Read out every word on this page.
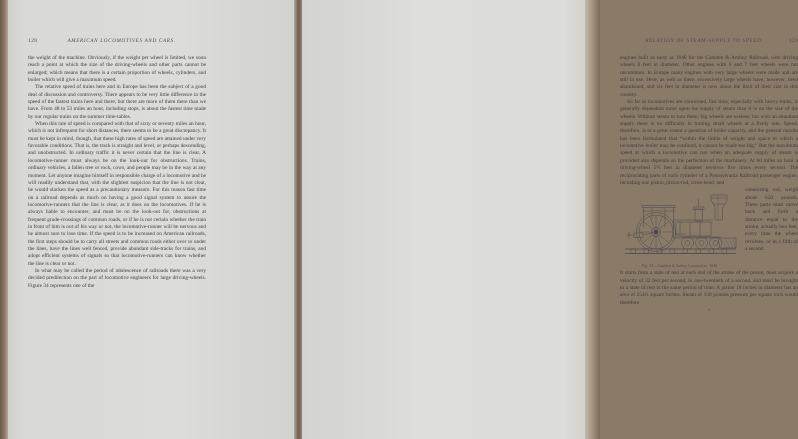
128	AMERICAN LOCOMOTIVES AND CARS.

the weight of the machine. Obviously, if the weight per wheel is limited, we soon reach a point at which the size of the driving-wheels and other parts cannot be enlarged; which means that there is a certain proportion of wheels, cylinders, and boiler which will give a maximum speed.

The relative speed of trains here and in Europe has been the subject of a good deal of discussion and controversy. There appears to be very little difference in the speed of the fastest trains here and there; but there are more of them there than we have. From 48 to 53 miles an hour, including stops, is about the fastest time made by our regular trains on the summer time-tables.

When this rate of speed is compared with that of sixty or seventy miles an hour, which is not infrequent for short distances, there seems to be a great discrepancy. It must be kept in mind, though, that these high rates of speed are attained under very favorable conditions. That is, the track is straight and level, or perhaps descending, and unobstructed. In ordinary traffic it is never certain that the line is clear. A locomotive-runner must always be on the look-out for obstructions. Trains, ordinary vehicles, a fallen tree or rock, cows, and people may be in the way at any moment. Let anyone imagine himself in responsible charge of a locomotive and he will readily understand that, with the slightest suspicion that the line is not clear, he would slacken the speed as a precautionary measure. For this reason fast time on a railroad depends as much on having a good signal system to assure the locomotive-runners that the line is clear, as it does on the locomotives. If he is always liable to encounter, and must be on the look-out for, obstructions at frequent grade-crossings of common roads, or if he is not certain whether the train in front of him is out of his way or not, the locomotive-runner will be nervous and he almost sure to lose time. If the speed is to be increased on American railroads, the first steps should be to carry all streets and common roads either over or under the lines, have the lines well fenced, provide abundant side-tracks for trains, and adopt efficient systems of signals so that locomotive-runners can know whether the line is clear or not.

In what may be called the period of adolescence of railroads there was a very decided predilection on the part of locomotive engineers for large driving-wheels. Figure 34 represents one of the

129
RELATION OF STEAM-SUPPLY TO SPEED.

engines built as early as 1848 for the Camden & Amboy Railroad, with driving wheels 8 feet in diameter. Other engines with 6 and 7 feet wheels were not uncommon. In Europe many engines with very large wheels were made and are still in use. Here, as well as there, excessively large wheels have, however, been abandoned, and six feet in diameter is now about the limit of their size in this country.

So far as locomotives are concerned, fast time, especially with heavy trains, is generally dependent more upon the supply of steam than it is on the size of the wheels. Without steam to turn them, big wheels are useless; but with an abundant supply there is no difficulty in turning small wheels at a lively rate. Speed, therefore, is to a great extent a question of boiler capacity, and the general maxim has been formulated that “within the limits of weight and space to which a locomotive boiler may be confined, it cannot be made too big.” But the maximum speed at which a locomotive can run when an adequate supply of steam is provided also depends on the perfection of the machinery. At 60 miles an hour a driving-wheel 5½ feet in diameter revolves five times every second. The reciprocating parts of each cylinder of a Pennsylvania Railroad passenger engine, including one piston, piston-rod, cross-head, and

Fig. 34.—Camden & Amboy Locomotive, 1848.

connecting rod, weigh about 650 pounds. These parts must move back and forth a distance equal to the stroke, actually two feet, every time the wheel revolves, or in a fifth of a second.

It starts from a state of rest at each end of the stroke of the piston, must acquire a velocity of 32 feet per second, in one-twentieth of a second, and must be brought to a state of rest in the same period of time. A piston 18 inches in diameter has an area of 254¼ square inches. Steam of 150 pounds pressure per square inch would therefore

*
